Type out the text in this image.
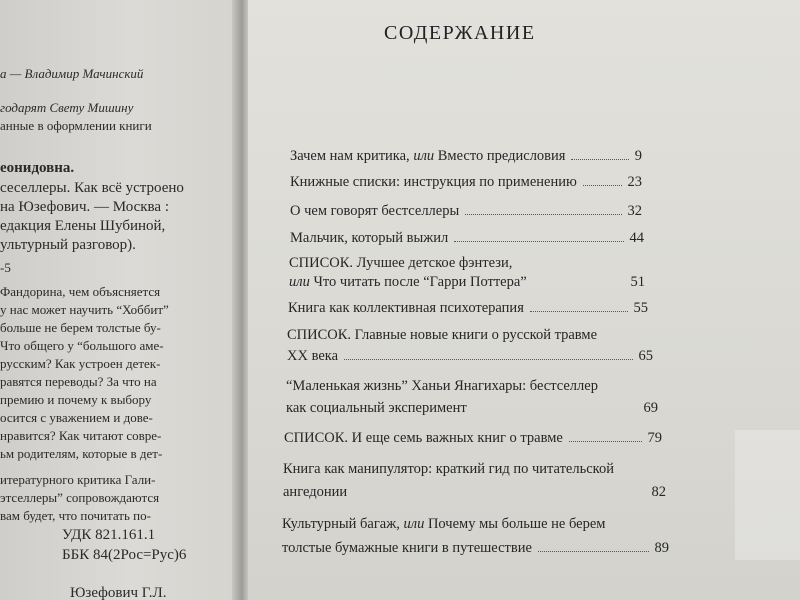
а — Владимир Мачинский
годарят Свету Мишину
анные в оформлении книги
еонидовна.
сеселлеры. Как всё устроено
на Юзефович. — Москва :
едакция Елены Шубиной,
ультурный разговор).
-5
Фандорина, чем объясняется
у нас может научить “Хоббит”
больше не берем толстые бу-
Что общего у “большого аме-
русским? Как устроен детек-
равятся переводы? За что на
премию и почему к выбору
осится с уважением и дове-
нравится? Как читают совре-
ьм родителям, которые в дет-
итературного критика Гали-
этселлеры” сопровождаются
вам будет, что почитать по-
УДК 821.161.1
ББК 84(2Рос=Рус)6
Юзефович Г.Л.
СОДЕРЖАНИЕ
Зачем нам критика, или Вместо предисловия	9
Книжные списки: инструкция по применению	23
О чем говорят бестселлеры	32
Мальчик, который выжил	44
СПИСОК. Лучшее детское фэнтези,
или Что читать после “Гарри Поттера”	51
Книга как коллективная психотерапия	55
СПИСОК. Главные новые книги о русской травме
XX века	65
“Маленькая жизнь” Ханьи Янагихары: бестселлер
как социальный эксперимент	69
СПИСОК. И еще семь важных книг о травме	79
Книга как манипулятор: краткий гид по читательской
ангедонии	82
Культурный багаж, или Почему мы больше не берем
толстые бумажные книги в путешествие	89
